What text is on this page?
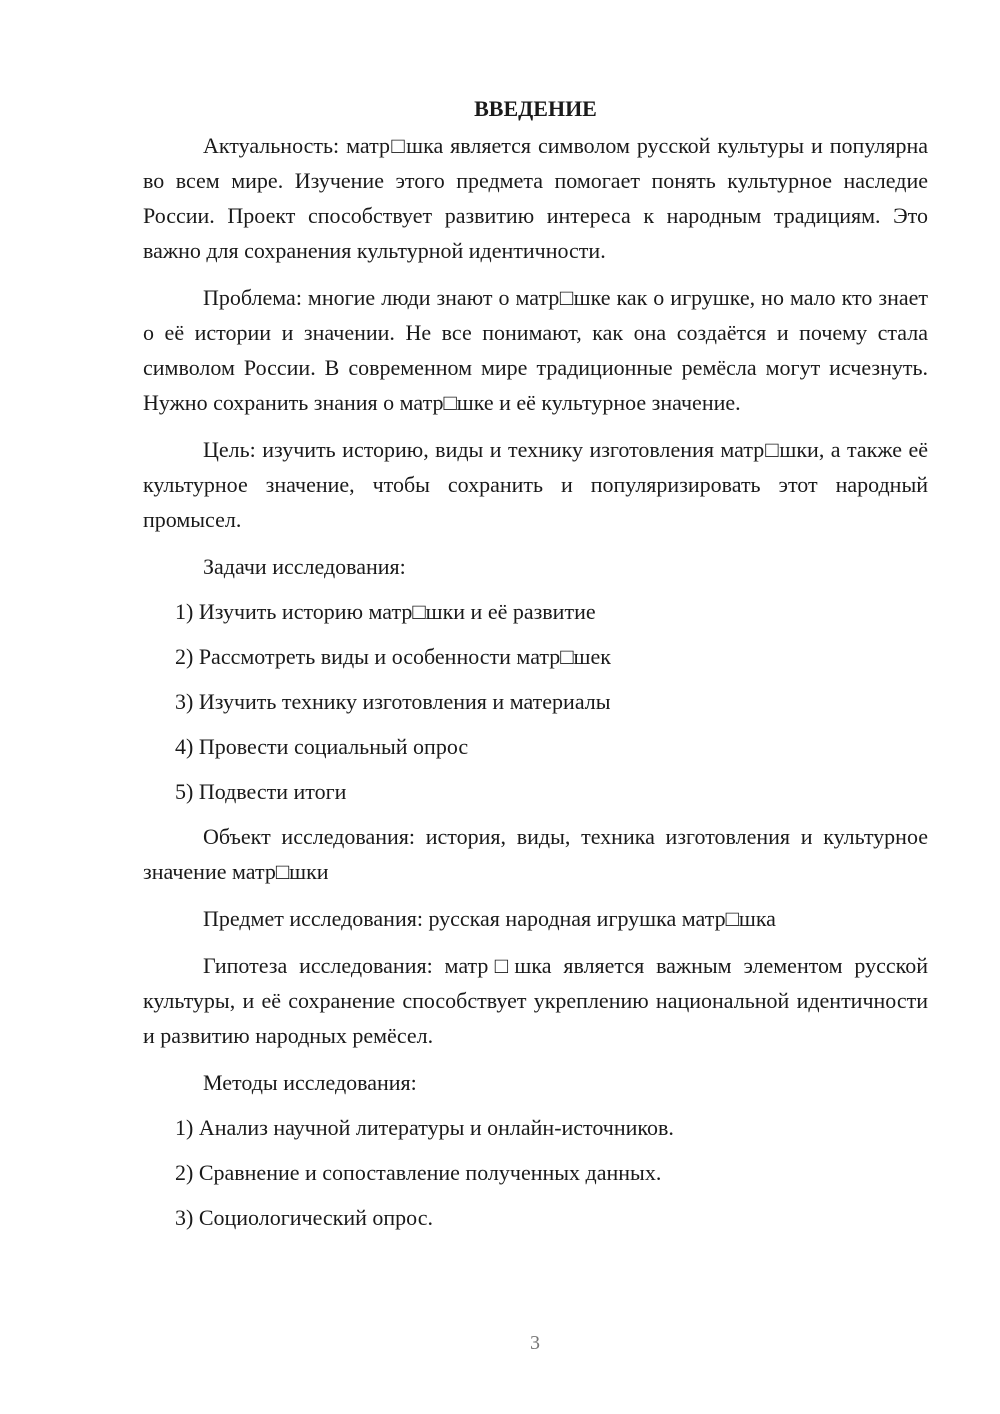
ВВЕДЕНИЕ

Актуальность: матр□шка является символом русской культуры и популярна во всем мире. Изучение этого предмета помогает понять культурное наследие России. Проект способствует развитию интереса к народным традициям. Это важно для сохранения культурной идентичности.

Проблема: многие люди знают о матр□шке как о игрушке, но мало кто знает о её истории и значении. Не все понимают, как она создаётся и почему стала символом России. В современном мире традиционные ремёсла могут исчезнуть. Нужно сохранить знания о матр□шке и её культурное значение.

Цель: изучить историю, виды и технику изготовления матр□шки, а также её культурное значение, чтобы сохранить и популяризировать этот народный промысел.

Задачи исследования:

1) Изучить историю матр□шки и её развитие
2) Рассмотреть виды и особенности матр□шек
3) Изучить технику изготовления и материалы
4) Провести социальный опрос
5) Подвести итоги

Объект исследования: история, виды, техника изготовления и культурное значение матр□шки

Предмет исследования: русская народная игрушка матр□шка

Гипотеза исследования: матр□шка является важным элементом русской культуры, и её сохранение способствует укреплению национальной идентичности и развитию народных ремёсел.

Методы исследования:

1) Анализ научной литературы и онлайн-источников.
2) Сравнение и сопоставление полученных данных.
3) Социологический опрос.
3
